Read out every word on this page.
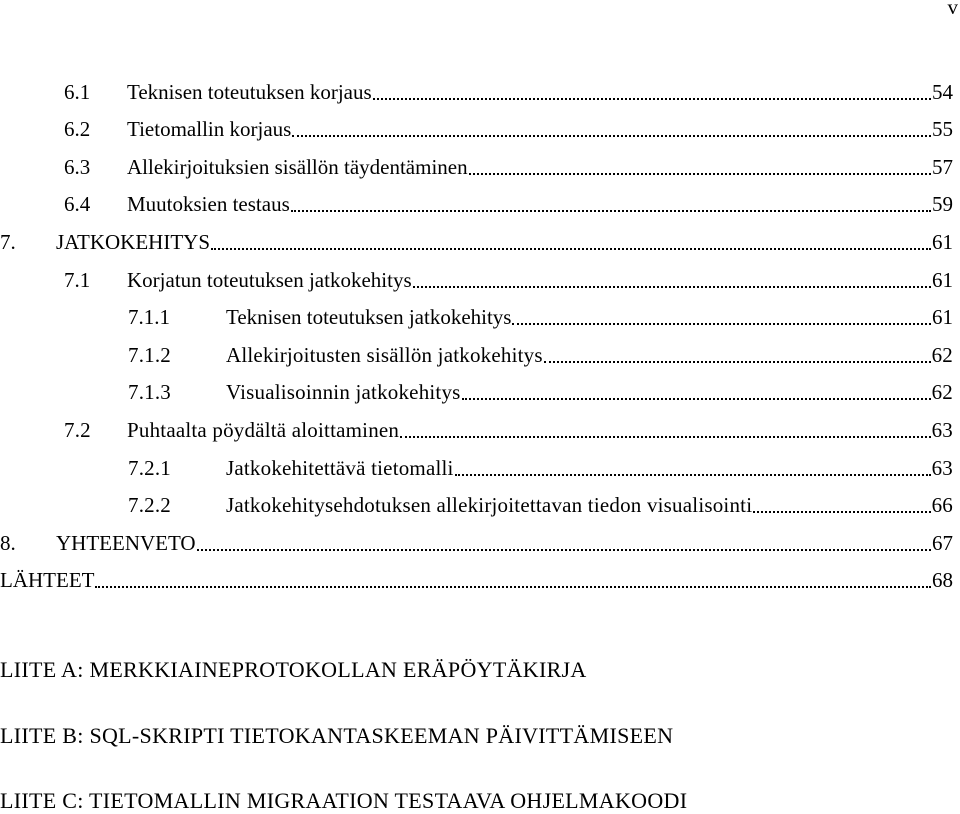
v
6.1	Teknisen toteutuksen korjaus	54
6.2	Tietomallin korjaus	55
6.3	Allekirjoituksien sisällön täydentäminen	57
6.4	Muutoksien testaus	59
7.	JATKOKEHITYS	61
7.1	Korjatun toteutuksen jatkokehitys	61
7.1.1	Teknisen toteutuksen jatkokehitys	61
7.1.2	Allekirjoitusten sisällön jatkokehitys	62
7.1.3	Visualisoinnin jatkokehitys	62
7.2	Puhtaalta pöydältä aloittaminen	63
7.2.1	Jatkokehitettävä tietomalli	63
7.2.2	Jatkokehitysehdotuksen allekirjoitettavan tiedon visualisointi	66
8.	YHTEENVETO	67
LÄHTEET	68
LIITE A: MERKKIAINEPROTOKOLLAN ERÄPÖYTÄKIRJA
LIITE B: SQL-SKRIPTI TIETOKANTASKEEMAN PÄIVITTÄMISEEN
LIITE C: TIETOMALLIN MIGRAATION TESTAAVA OHJELMAKOODI
